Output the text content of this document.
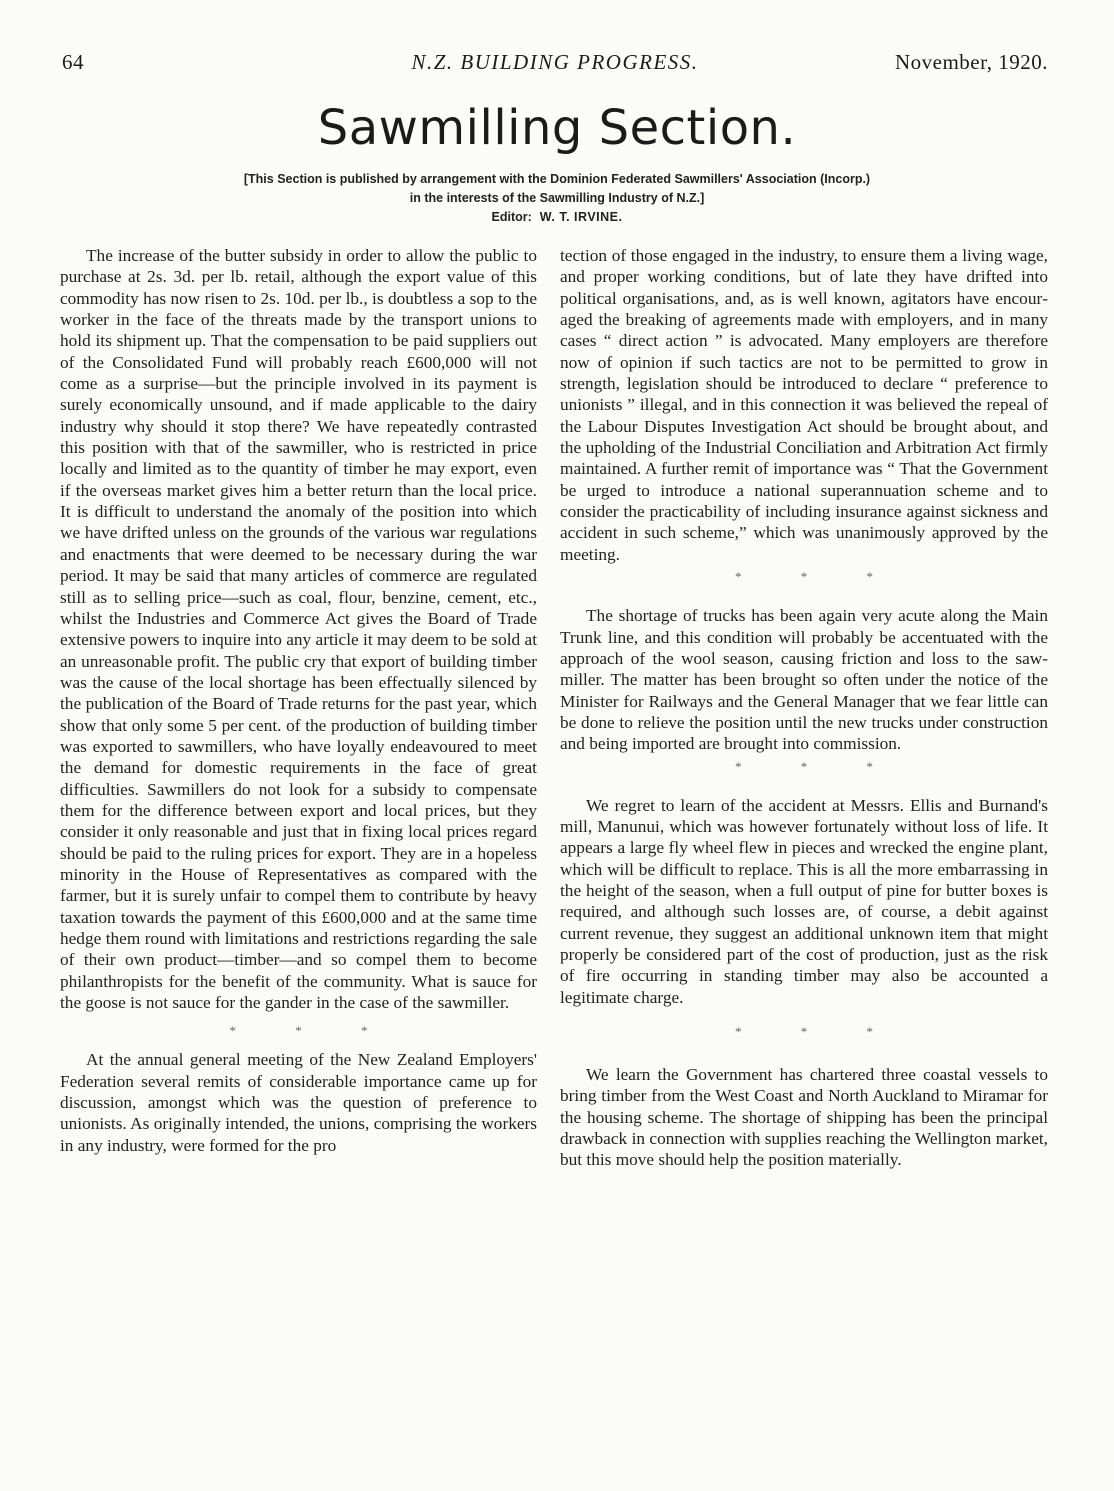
64	N.Z. BUILDING PROGRESS.	November, 1920.
Sawmilling Section.
[This Section is published by arrangement with the Dominion Federated Sawmillers' Association (Incorp.)
in the interests of the Sawmilling Industry of N.Z.]
Editor: W. T. IRVINE.

The increase of the butter subsidy in order to allow the public to purchase at 2s. 3d. per lb. retail, although the export value of this commodity has now risen to 2s. 10d. per lb., is doubtless a sop to the worker in the face of the threats made by the transport unions to hold its shipment up. That the compensation to be paid suppliers out of the Consolidated Fund will probably reach £600,000 will not come as a surprise—but the principle involved in its payment is surely economically unsound, and if made applicable to the dairy industry why should it stop there? We have repeatedly contrasted this position with that of the sawmiller, who is restricted in price locally and limited as to the quantity of timber he may export, even if the overseas market gives him a better return than the local price. It is difficult to understand the anomaly of the position into which we have drifted unless on the grounds of the various war regulations and enactments that were deemed to be necessary during the war period. It may be said that many articles of commerce are regulated still as to selling price—such as coal, flour, benzine, cement, etc., whilst the Industries and Commerce Act gives the Board of Trade extensive powers to inquire into any article it may deem to be sold at an unreasonable profit. The public cry that export of building timber was the cause of the local shortage has been effectually silenced by the publication of the Board of Trade returns for the past year, which show that only some 5 per cent. of the production of building timber was exported to sawmillers, who have loyally endeavoured to meet the demand for domestic requirements in the face of great difficulties. Sawmillers do not look for a subsidy to compensate them for the difference between export and local prices, but they consider it only reasonable and just that in fixing local prices regard should be paid to the ruling prices for export. They are in a hopeless minority in the House of Representatives as compared with the farmer, but it is surely unfair to compel them to contribute by heavy taxation towards the payment of this £600,000 and at the same time hedge them round with limitations and restrictions regarding the sale of their own product—timber—and so compel them to become philanthropists for the benefit of the community. What is sauce for the goose is not sauce for the gander in the case of the sawmiller.

* * *

At the annual general meeting of the New Zealand Employers' Federation several remits of considerable importance came up for discussion, amongst which was the question of preference to unionists. As originally intended, the unions, comprising the workers in any industry, were formed for the pro

tection of those engaged in the industry, to ensure them a living wage, and proper working conditions, but of late they have drifted into political organisations, and, as is well known, agitators have encouraged the breaking of agreements made with employers, and in many cases “ direct action ” is advocated. Many employers are therefore now of opinion if such tactics are not to be permitted to grow in strength, legislation should be introduced to declare “ preference to unionists ” illegal, and in this connection it was believed the repeal of the Labour Disputes Investigation Act should be brought about, and the upholding of the Industrial Conciliation and Arbitration Act firmly maintained. A further remit of importance was “ That the Government be urged to introduce a national superannuation scheme and to consider the practicability of including insurance against sickness and accident in such scheme,” which was unanimously approved by the meeting.

* * *

The shortage of trucks has been again very acute along the Main Trunk line, and this condition will probably be accentuated with the approach of the wool season, causing friction and loss to the sawmiller. The matter has been brought so often under the notice of the Minister for Railways and the General Manager that we fear little can be done to relieve the position until the new trucks under construction and being imported are brought into commission.

* * *

We regret to learn of the accident at Messrs. Ellis and Burnand's mill, Manunui, which was however fortunately without loss of life. It appears a large fly wheel flew in pieces and wrecked the engine plant, which will be difficult to replace. This is all the more embarrassing in the height of the season, when a full output of pine for butter boxes is required, and although such losses are, of course, a debit against current revenue, they suggest an additional unknown item that might properly be considered part of the cost of production, just as the risk of fire occurring in standing timber may also be accounted a legitimate charge.

* * *

We learn the Government has chartered three coastal vessels to bring timber from the West Coast and North Auckland to Miramar for the housing scheme. The shortage of shipping has been the principal drawback in connection with supplies reaching the Wellington market, but this move should help the position materially.
